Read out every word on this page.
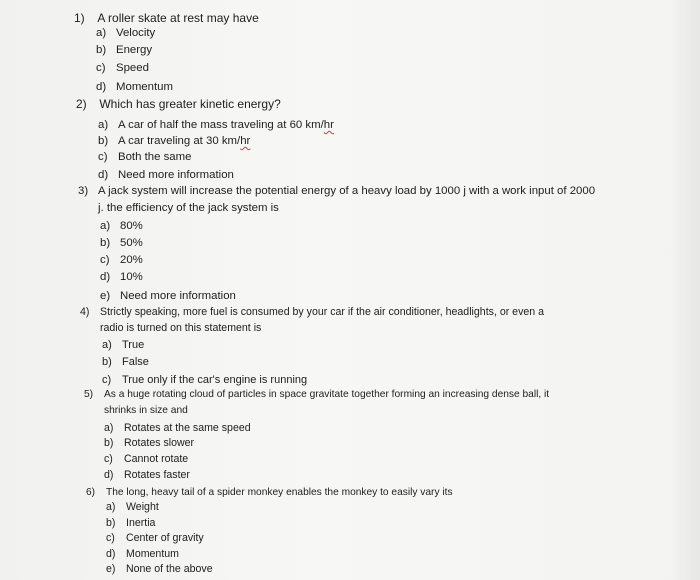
1) A roller skate at rest may have
a) Velocity
b) Energy
c) Speed
d) Momentum
2) Which has greater kinetic energy?
a) A car of half the mass traveling at 60 km/hr
b) A car traveling at 30 km/hr
c) Both the same
d) Need more information
3) A jack system will increase the potential energy of a heavy load by 1000 j with a work input of 2000
j. the efficiency of the jack system is
a) 80%
b) 50%
c) 20%
d) 10%
e) Need more information
4) Strictly speaking, more fuel is consumed by your car if the air conditioner, headlights, or even a
radio is turned on this statement is
a) True
b) False
c) True only if the car's engine is running
5) As a huge rotating cloud of particles in space gravitate together forming an increasing dense ball, it
shrinks in size and
a) Rotates at the same speed
b) Rotates slower
c) Cannot rotate
d) Rotates faster
6) The long, heavy tail of a spider monkey enables the monkey to easily vary its
a) Weight
b) Inertia
c) Center of gravity
d) Momentum
e) None of the above
